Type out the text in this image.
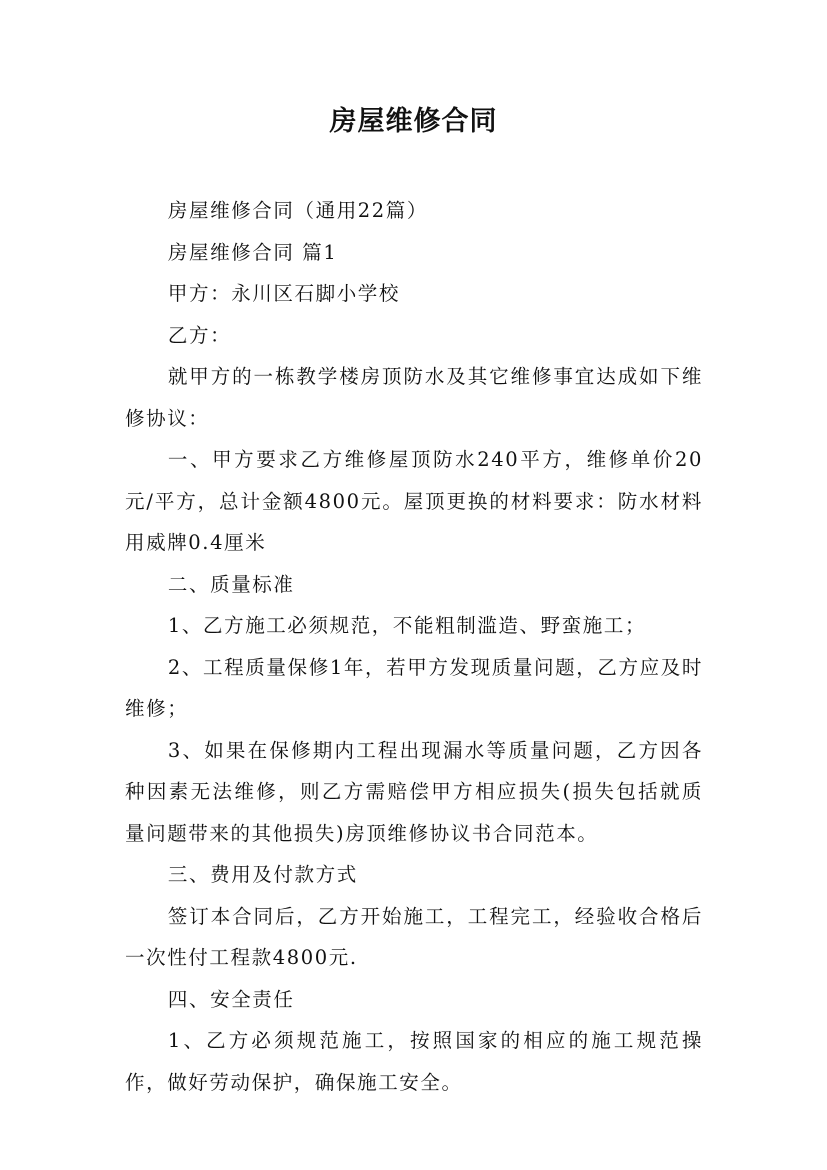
房屋维修合同

房屋维修合同（通用22篇）

房屋维修合同 篇1

甲方：永川区石脚小学校

乙方：

就甲方的一栋教学楼房顶防水及其它维修事宜达成如下维修协议：

一、甲方要求乙方维修屋顶防水240平方，维修单价20元/平方，总计金额4800元。屋顶更换的材料要求：防水材料用威牌0.4厘米

二、质量标准

1、乙方施工必须规范，不能粗制滥造、野蛮施工；

2、工程质量保修1年，若甲方发现质量问题，乙方应及时维修；

3、如果在保修期内工程出现漏水等质量问题，乙方因各种因素无法维修，则乙方需赔偿甲方相应损失(损失包括就质量问题带来的其他损失)房顶维修协议书合同范本。

三、费用及付款方式

签订本合同后，乙方开始施工，工程完工，经验收合格后一次性付工程款4800元.

四、安全责任

1、乙方必须规范施工，按照国家的相应的施工规范操作，做好劳动保护，确保施工安全。
